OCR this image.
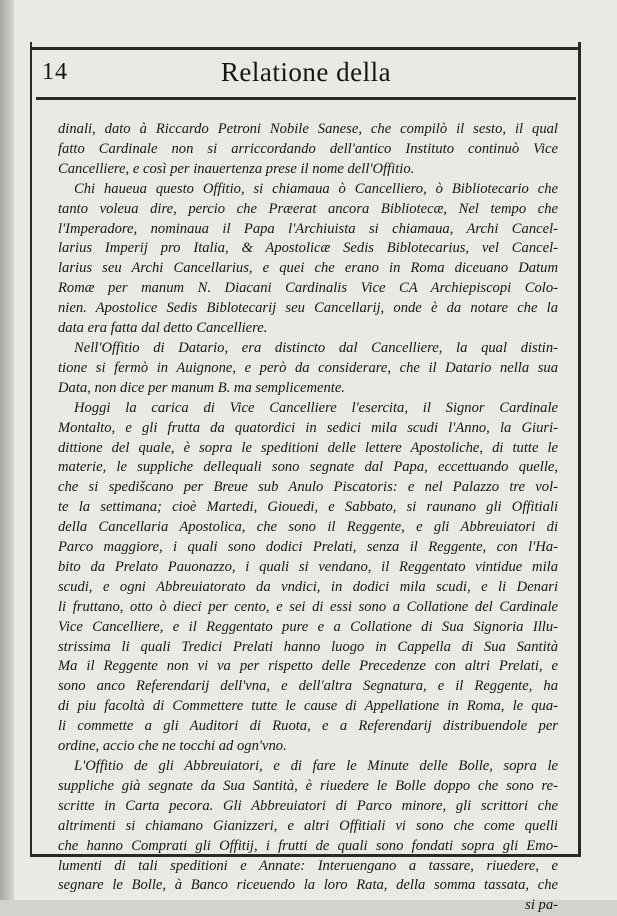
14	Relatione della
dinali, dato à Riccardo Petroni Nobile Sanese, che compilò il sesto, il qual
fatto Cardinale non si arriccordando dell'antico Instituto continuò Vice
Cancelliere, e così per inauertenza prese il nome dell'Offitio.
Chi haueua questo Offitio, si chiamaua ò Cancelliero, ò Bibliotecario che
tanto voleua dire, percio che Præerat ancora Bibliotecæ, Nel tempo che
l'Imperadore, nominaua il Papa l'Archiuista si chiamaua, Archi Cancel-
larius Imperij pro Italia, & Apostolicæ Sedis Biblotecarius, vel Cancel-
larius seu Archi Cancellarius, e quei che erano in Roma diceuano Datum
Romæ per manum N. Diacani Cardinalis Vice CA Archiepiscopi Colo-
nien. Apostolice Sedis Biblotecarij seu Cancellarij, onde è da notare che la
data era fatta dal detto Cancelliere.
Nell'Offitio di Datario, era distincto dal Cancelliere, la qual distin-
tione si fermò in Auignone, e però da considerare, che il Datario nella sua
Data, non dice per manum B. ma semplicemente.
Hoggi la carica di Vice Cancelliere l'esercita, il Signor Cardinale
Montalto, e gli frutta da quatordici in sedici mila scudi l'Anno, la Giuri-
dittione del quale, è sopra le speditioni delle lettere Apostoliche, di tutte le
materie, le suppliche dellequali sono segnate dal Papa, eccettuando quelle,
che si spedišcano per Breue sub Anulo Piscatoris: e nel Palazzo tre vol-
te la settimana; cioè Martedi, Giouedi, e Sabbato, si raunano gli Offitiali
della Cancellaria Apostolica, che sono il Reggente, e gli Abbreuiatori di
Parco maggiore, i quali sono dodici Prelati, senza il Reggente, con l'Ha-
bito da Prelato Pauonazzo, i quali si vendano, il Reggentato vintidue mila
scudi, e ogni Abbreuiatorato da vndici, in dodici mila scudi, e li Denari
li fruttano, otto ò dieci per cento, e sei di essi sono a Collatione del Cardinale
Vice Cancelliere, e il Reggentato pure e a Collatione di Sua Signoria Illu-
strissima li quali Tredici Prelati hanno luogo in Cappella di Sua Santità
Ma il Reggente non vi va per rispetto delle Precedenze con altri Prelati, e
sono anco Referendarij dell'vna, e dell'altra Segnatura, e il Reggente, ha
di piu facoltà di Commettere tutte le cause di Appellatione in Roma, le qua-
li commette a gli Auditori di Ruota, e a Referendarij distribuendole per
ordine, accio che ne tocchi ad ogn'vno.
L'Offitio de gli Abbreuiatori, e di fare le Minute delle Bolle, sopra le
suppliche già segnate da Sua Santità, è riuedere le Bolle doppo che sono re-
scritte in Carta pecora. Gli Abbreuiatori di Parco minore, gli scrittori che
altrimenti si chiamano Gianizzeri, e altri Offitiali vi sono che come quelli
che hanno Comprati gli Offitij, i frutti de quali sono fondati sopra gli Emo-
lumenti di tali speditioni e Annate: Interuengano a tassare, riuedere, e
segnare le Bolle, à Banco riceuendo la loro Rata, della somma tassata, che
si pa-
